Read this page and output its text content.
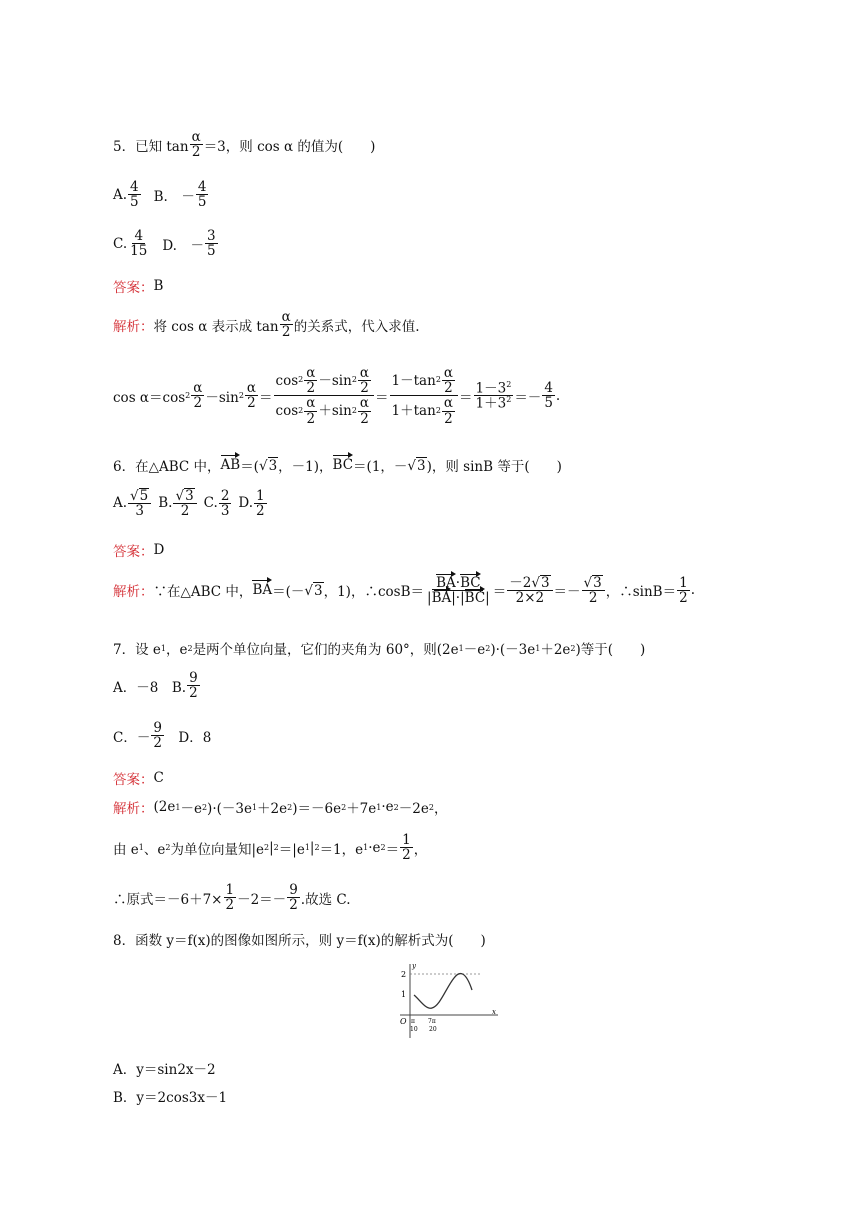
5．已知 tan
α
2 ＝3，则 cos α 的值为(　　)
A. 4
5 B.　－
4
5
C. 4
15 D.　－
3
5
答案： B
解析： 将 cos α 表示成 tan
α
2 的关系式，代入求值.
cos α＝cos 2 α
2 －sin 2 α
2 ＝
cos 2 α
2 － sin 2 α
2
cos 2 α
2 ＋ sin 2 α
2
＝
1－tan 2 α
2
1＋tan 2 α
2
＝
$1-3^2$
$1+3^2$ ＝－
4
5 .
6．在△ABC 中， AB ＝( √ 3 ，－1)， BC ＝(1，－ √ 3 )，则 sinB 等于(　　)
A. √ 5
3 B. √ 3
2 C. 2
3 D. 1
2
答案： D
解析： ∵在△ABC 中， BA ＝(－ √ 3 ，1)，∴cosB＝
BA·BC
|BA|·|BC| ＝
－2 √ 3
2×2 ＝－
√ 3
2 ，∴sinB＝
1
2 .
7．设 e 1 ，e 2 是两个单位向量，它们的夹角为 60°，则(2e 1 －e 2 )·(－3e 1 ＋2e 2 )等于(　　)
A．－8　B.
9
2
C．－
9
2 　D．8
答案： C
解析： (2e 1 －e 2 )·(－3e 1 ＋2e 2 )＝－6e 2 ＋7e 1 ·e 2 －2e 2 ，
由 e 1 、e 2 为单位向量知|e 2 | 2 ＝|e 1 | 2 ＝1，e 1 ·e 2 ＝
1
2 ，
∴原式$=-6+7\times \frac{1}{2} -2=-$
9
2 .故选 C.
8．函数 y＝f(x)的图像如图所示，则 y＝f(x)的解析式为(　　)
y
x
O
2
1
π
10
7π
20
A．y＝sin2x－2
B．y＝2cos3x－1
